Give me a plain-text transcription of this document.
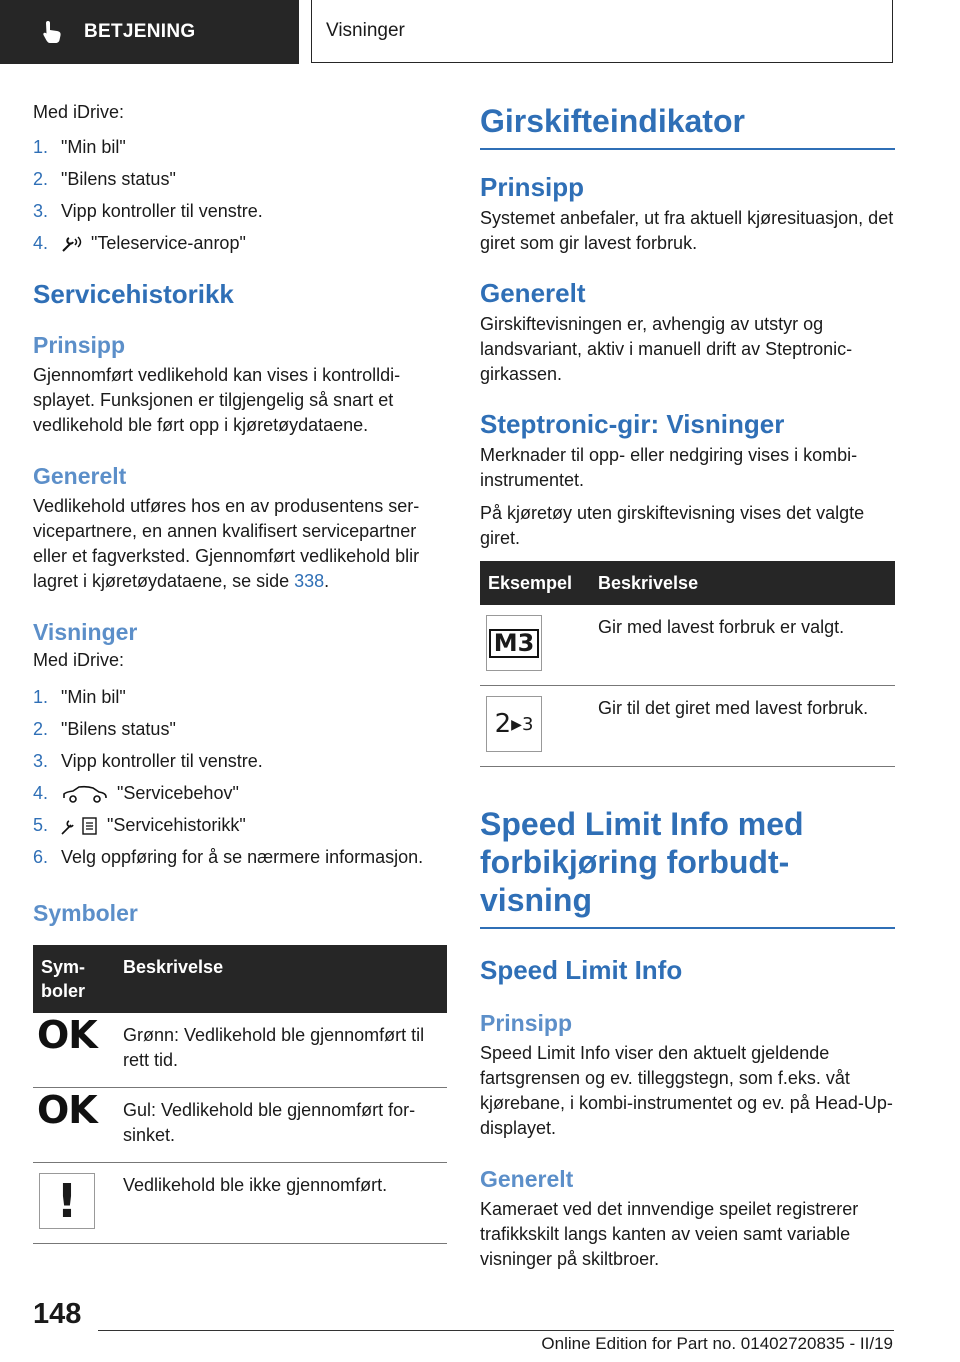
BETJENING	Visninger

Med iDrive:

1. "Min bil"
2. "Bilens status"
3. Vipp kontroller til venstre.
4.	"Teleservice-anrop"
Servicehistorikk
Prinsipp

Gjennomført vedlikehold kan vises i kontrolldisplayet. Funksjonen er tilgjengelig så snart et vedlikehold ble ført opp i kjøretøydataene.

Generelt

Vedlikehold utføres hos en av produsentens servicepartnere, en annen kvalifisert servicepartner eller et fagverksted. Gjennomført vedlikehold blir lagret i kjøretøydataene, se side 338.

Visninger

Med iDrive:

1. "Min bil"
2. "Bilens status"
3. Vipp kontroller til venstre.
4.	"Servicebehov"
5.	"Servicehistorikk"
6. Velg oppføring for å se nærmere informasjon.
Symboler
Symboler	Beskrivelse
OK	Grønn: Vedlikehold ble gjennomført til rett tid.
OK	Gul: Vedlikehold ble gjennomført forsinket.

!	Vedlikehold ble ikke gjennomført.
Girskifteindikator
Prinsipp

Systemet anbefaler, ut fra aktuell kjøresituasjon, det giret som gir lavest forbruk.

Generelt

Girskiftevisningen er, avhengig av utstyr og landsvariant, aktiv i manuell drift av Steptronic-girkassen.

Steptronic-gir: Visninger

Merknader til opp- eller nedgiring vises i kombiinstrumentet.

På kjøretøy uten girskiftevisning vises det valgte giret.

Eksempel	Beskrivelse

M3	Gir med lavest forbruk er valgt.

2 ▶ 3	Gir til det giret med lavest forbruk.
Speed Limit Info med forbikjøring forbudt-visning
Speed Limit Info
Prinsipp

Speed Limit Info viser den aktuelt gjeldende fartsgrensen og ev. tilleggstegn, som f.eks. våt kjørebane, i kombi-instrumentet og ev. på Head-Up-displayet.

Generelt

Kameraet ved det innvendige speilet registrerer trafikkskilt langs kanten av veien samt variable visninger på skiltbroer.

148
Online Edition for Part no. 01402720835 - II/19
